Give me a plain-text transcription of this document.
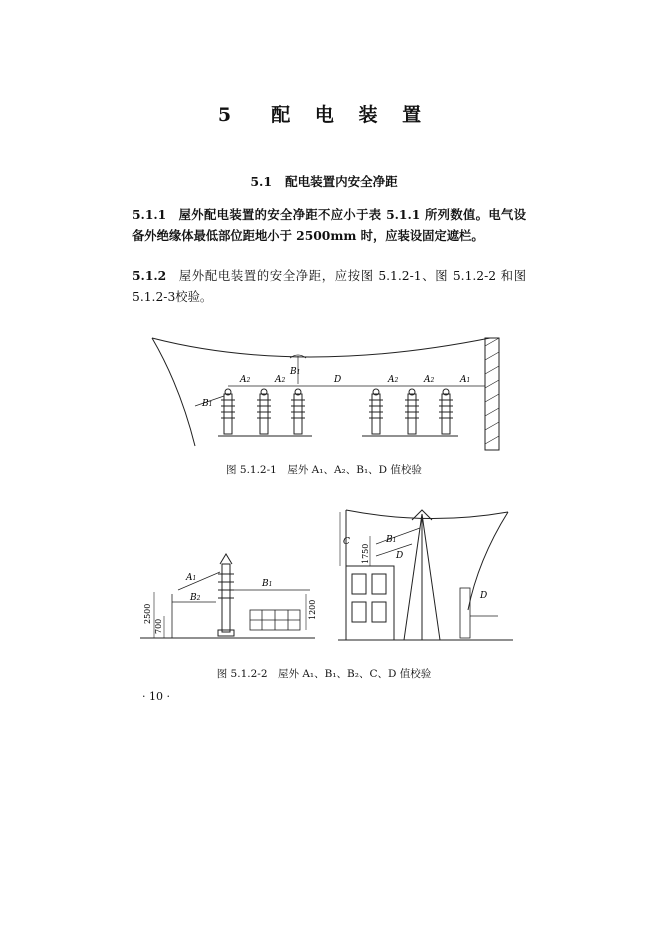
5 配 电 装 置
5.1 配电装置内安全净距
5.1.1 屋外配电装置的安全净距不应小于表 5.1.1 所列数值。电气设备外绝缘体最低部位距地小于 2500mm 时，应装设固定遮栏。
5.1.2 屋外配电装置的安全净距，应按图 5.1.2-1、图 5.1.2-2 和图5.1.2-3校验。
A2	A2	D	A2	A2	A1
B1
B1
图 5.1.2-1　屋外 A₁、A₂、B₁、D 值校验
2500
700
1200
A1
B2
B1
C
1750
B1
D
D
图 5.1.2-2　屋外 A₁、B₁、B₂、C、D 值校验
· 10 ·
